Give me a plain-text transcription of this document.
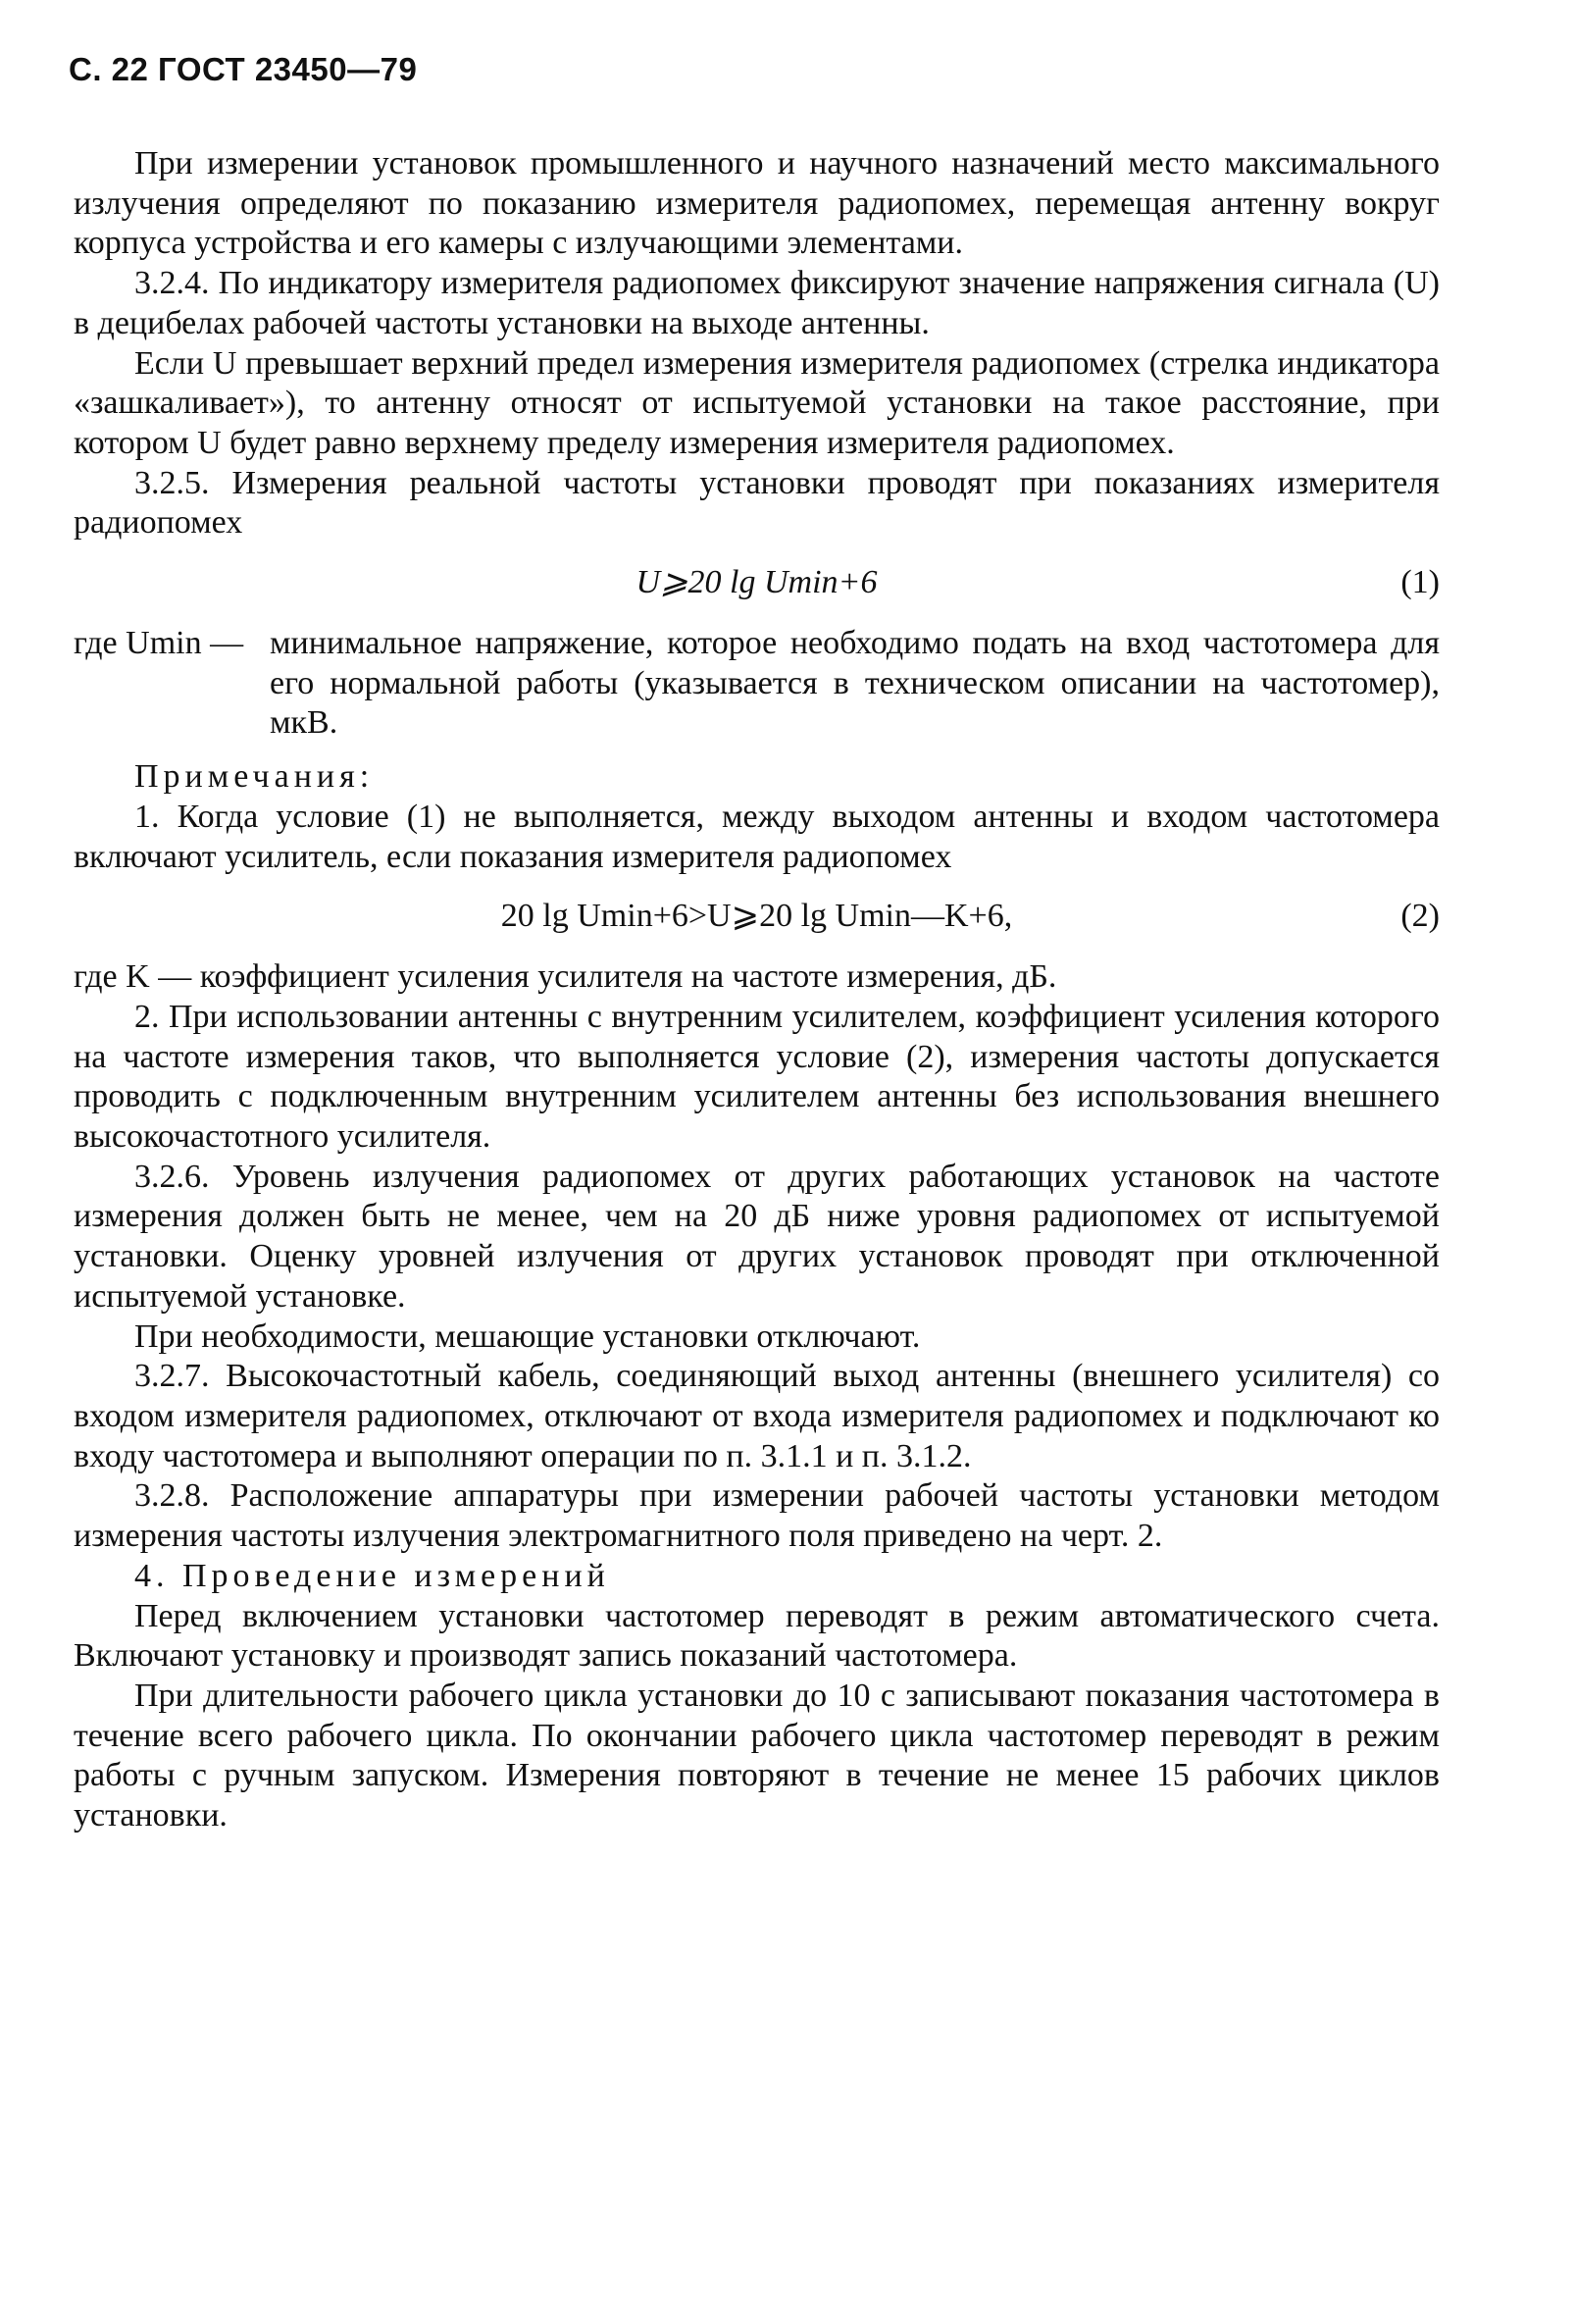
С. 22 ГОСТ 23450—79

При измерении установок промышленного и научного назначений место максимального излучения определяют по показанию измерителя радиопомех, перемещая антенну вокруг корпуса устройства и его камеры с излучающими элементами.

3.2.4. По индикатору измерителя радиопомех фиксируют значение напряжения сигнала (U) в децибелах рабочей частоты установки на выходе антенны.

Если U превышает верхний предел измерения измерителя радиопомех (стрелка индикатора «зашкаливает»), то антенну относят от испытуемой установки на такое расстояние, при котором U будет равно верхнему пределу измерения измерителя радиопомех.

3.2.5. Измерения реальной частоты установки проводят при показаниях измерителя радиопомех

U⩾20 lg Umin+6	(1)
где Umin — минимальное напряжение, которое необходимо подать на вход частотомера для его нормальной работы (указывается в техническом описании на частотомер), мкВ.

Примечания:

1. Когда условие (1) не выполняется, между выходом антенны и входом частотомера включают усилитель, если показания измерителя радиопомех

20 lg Umin+6>U⩾20 lg Umin—K+6,	(2)

где K — коэффициент усиления усилителя на частоте измерения, дБ.

2. При использовании антенны с внутренним усилителем, коэффициент усиления которого на частоте измерения таков, что выполняется условие (2), измерения частоты допускается проводить с подключенным внутренним усилителем антенны без использования внешнего высокочастотного усилителя.

3.2.6. Уровень излучения радиопомех от других работающих установок на частоте измерения должен быть не менее, чем на 20 дБ ниже уровня радиопомех от испытуемой установки. Оценку уровней излучения от других установок проводят при отключенной испытуемой установке.

При необходимости, мешающие установки отключают.

3.2.7. Высокочастотный кабель, соединяющий выход антенны (внешнего усилителя) со входом измерителя радиопомех, отключают от входа измерителя радиопомех и подключают ко входу частотомера и выполняют операции по п. 3.1.1 и п. 3.1.2.

3.2.8. Расположение аппаратуры при измерении рабочей частоты установки методом измерения частоты излучения электромагнитного поля приведено на черт. 2.

4. Проведение измерений

Перед включением установки частотомер переводят в режим автоматического счета. Включают установку и производят запись показаний частотомера.

При длительности рабочего цикла установки до 10 с записывают показания частотомера в течение всего рабочего цикла. По окончании рабочего цикла частотомер переводят в режим работы с ручным запуском. Измерения повторяют в течение не менее 15 рабочих циклов установки.
